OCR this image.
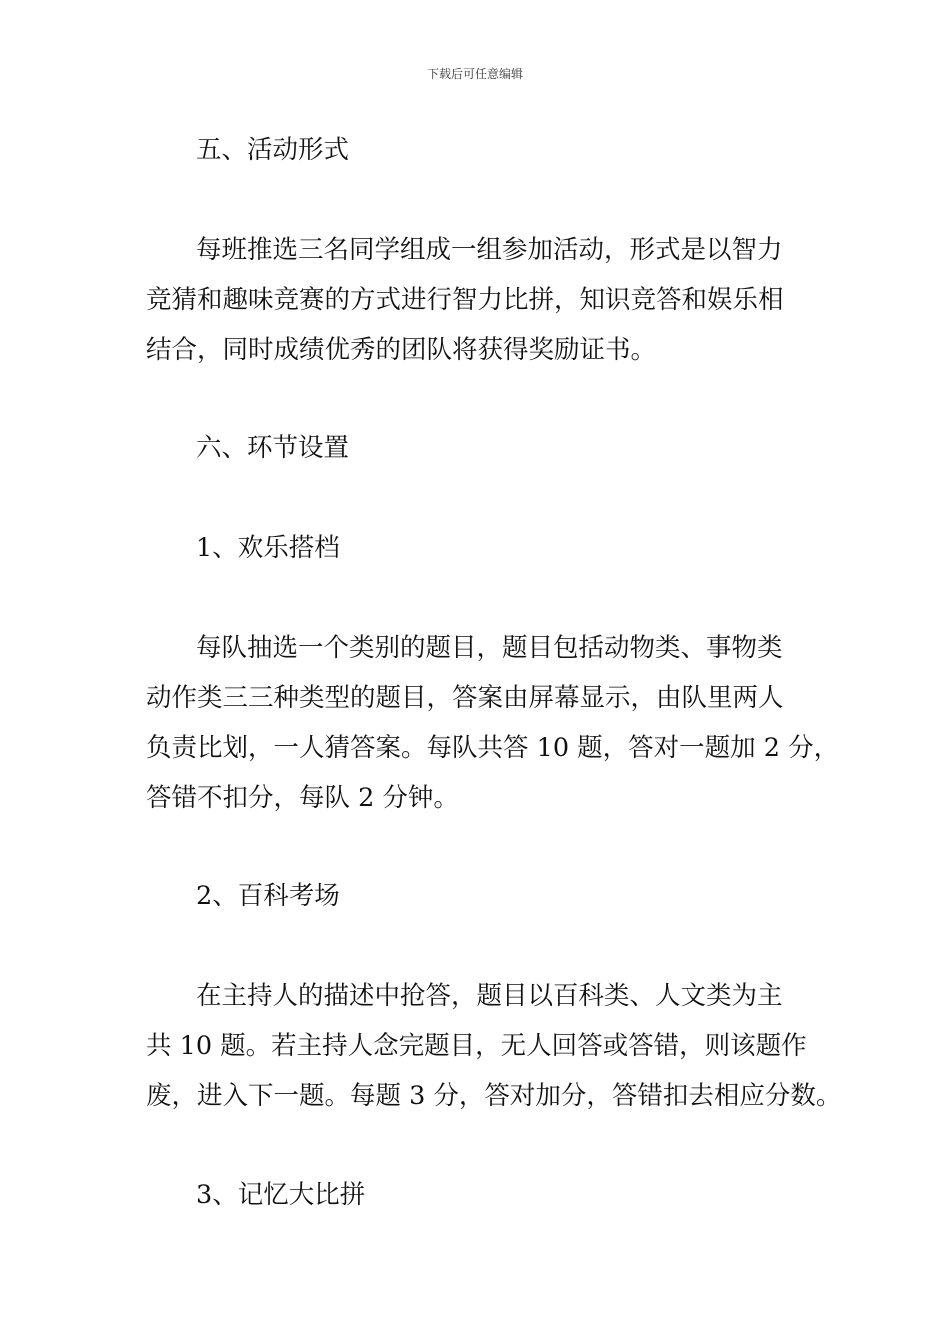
下载后可任意编辑
五、活动形式
每班推选三名同学组成一组参加活动，形式是以智力
竞猜和趣味竞赛的方式进行智力比拼，知识竞答和娱乐相
结合，同时成绩优秀的团队将获得奖励证书。
六、环节设置
1、欢乐搭档
每队抽选一个类别的题目，题目包括动物类、事物类
动作类三三种类型的题目，答案由屏幕显示，由队里两人
负责比划，一人猜答案。每队共答 10 题，答对一题加 2 分，
答错不扣分，每队 2 分钟。
2、百科考场
在主持人的描述中抢答，题目以百科类、人文类为主
共 10 题。若主持人念完题目，无人回答或答错，则该题作
废，进入下一题。每题 3 分，答对加分，答错扣去相应分数。
3、记忆大比拼
